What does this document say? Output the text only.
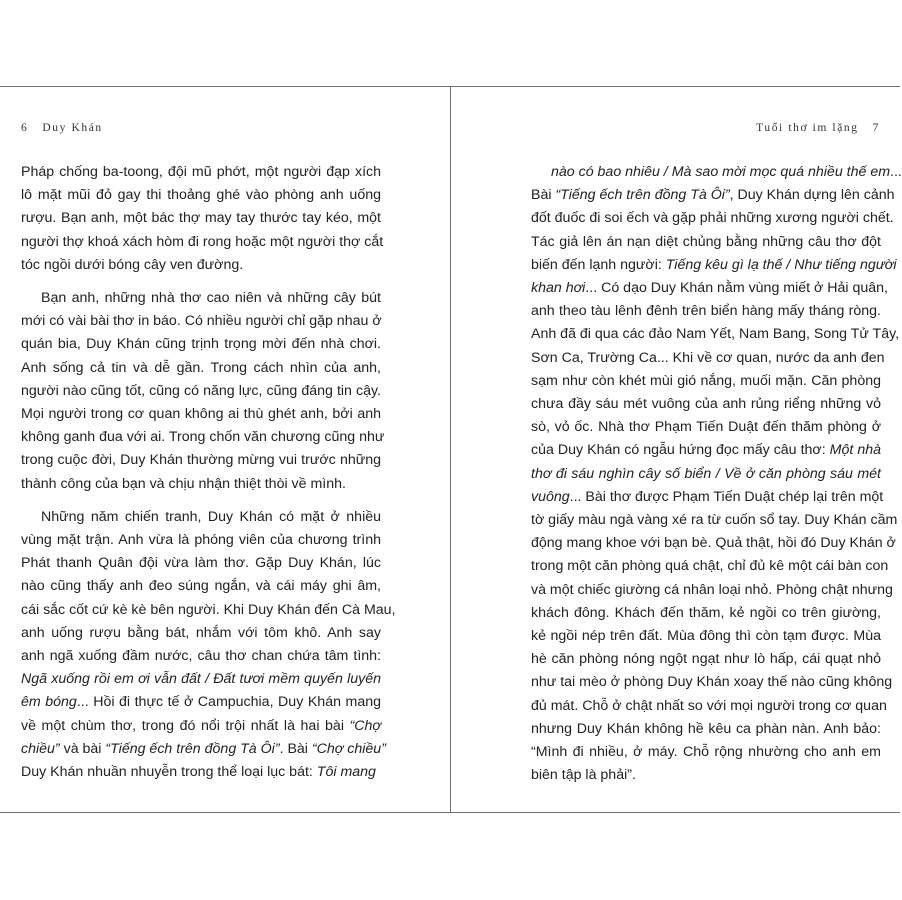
6 Duy Khán	Tuổi thơ im lặng 7
Pháp chống ba-toong, đội mũ phớt, một người đạp xích
lô mặt mũi đỏ gay thi thoảng ghé vào phòng anh uống
rượu. Bạn anh, một bác thợ may tay thước tay kéo, một
người thợ khoá xách hòm đi rong hoặc một người thợ cắt
tóc ngồi dưới bóng cây ven đường.
Bạn anh, những nhà thơ cao niên và những cây bút
mới có vài bài thơ in báo. Có nhiều người chỉ gặp nhau ở
quán bia, Duy Khán cũng trịnh trọng mời đến nhà chơi.
Anh sống cả tin và dễ gần. Trong cách nhìn của anh,
người nào cũng tốt, cũng có năng lực, cũng đáng tin cậy.
Mọi người trong cơ quan không ai thù ghét anh, bởi anh
không ganh đua với ai. Trong chốn văn chương cũng như
trong cuộc đời, Duy Khán thường mừng vui trước những
thành công của bạn và chịu nhận thiệt thòi về mình.
Những năm chiến tranh, Duy Khán có mặt ở nhiều
vùng mặt trận. Anh vừa là phóng viên của chương trình
Phát thanh Quân đội vừa làm thơ. Gặp Duy Khán, lúc
nào cũng thấy anh đeo súng ngắn, và cái máy ghi âm,
cái sắc cốt cứ kè kè bên người. Khi Duy Khán đến Cà Mau,
anh uống rượu bằng bát, nhắm với tôm khô. Anh say
anh ngã xuống đầm nước, câu thơ chan chứa tâm tình:
Ngã xuống rồi em ơi vẫn đất / Đất tươi mềm quyến luyến
êm bóng... Hồi đi thực tế ở Campuchia, Duy Khán mang
về một chùm thơ, trong đó nổi trội nhất là hai bài “Chợ
chiều” và bài “Tiếng ếch trên đồng Tà Ôi”. Bài “Chợ chiều”
Duy Khán nhuần nhuyễn trong thể loại lục bát: Tôi mang
nào có bao nhiêu / Mà sao mời mọc quá nhiều thế em...
Bài “Tiếng ếch trên đồng Tà Ôi”, Duy Khán dựng lên cảnh
đốt đuốc đi soi ếch và gặp phải những xương người chết.
Tác giả lên án nạn diệt chủng bằng những câu thơ đột
biến đến lạnh người: Tiếng kêu gì lạ thế / Như tiếng người
khan hơi... Có dạo Duy Khán nằm vùng miết ở Hải quân,
anh theo tàu lênh đênh trên biển hàng mấy tháng ròng.
Anh đã đi qua các đảo Nam Yết, Nam Bang, Song Tử Tây,
Sơn Ca, Trường Ca... Khi về cơ quan, nước da anh đen
sạm như còn khét mùi gió nắng, muối mặn. Căn phòng
chưa đầy sáu mét vuông của anh rủng riểng những vỏ
sò, vỏ ốc. Nhà thơ Phạm Tiến Duật đến thăm phòng ở
của Duy Khán có ngẫu hứng đọc mấy câu thơ: Một nhà
thơ đi sáu nghìn cây số biển / Về ở căn phòng sáu mét
vuông... Bài thơ được Phạm Tiến Duật chép lại trên một
tờ giấy màu ngà vàng xé ra từ cuốn sổ tay. Duy Khán cầm
động mang khoe với bạn bè. Quả thật, hồi đó Duy Khán ở
trong một căn phòng quá chật, chỉ đủ kê một cái bàn con
và một chiếc giường cá nhân loại nhỏ. Phòng chật nhưng
khách đông. Khách đến thăm, kẻ ngồi co trên giường,
kẻ ngồi nép trên đất. Mùa đông thì còn tạm được. Mùa
hè căn phòng nóng ngột ngạt như lò hấp, cái quạt nhỏ
như tai mèo ở phòng Duy Khán xoay thế nào cũng không
đủ mát. Chỗ ở chật nhất so với mọi người trong cơ quan
nhưng Duy Khán không hề kêu ca phàn nàn. Anh bảo:
“Mình đi nhiều, ở máy. Chỗ rộng nhường cho anh em
biên tập là phải”.
